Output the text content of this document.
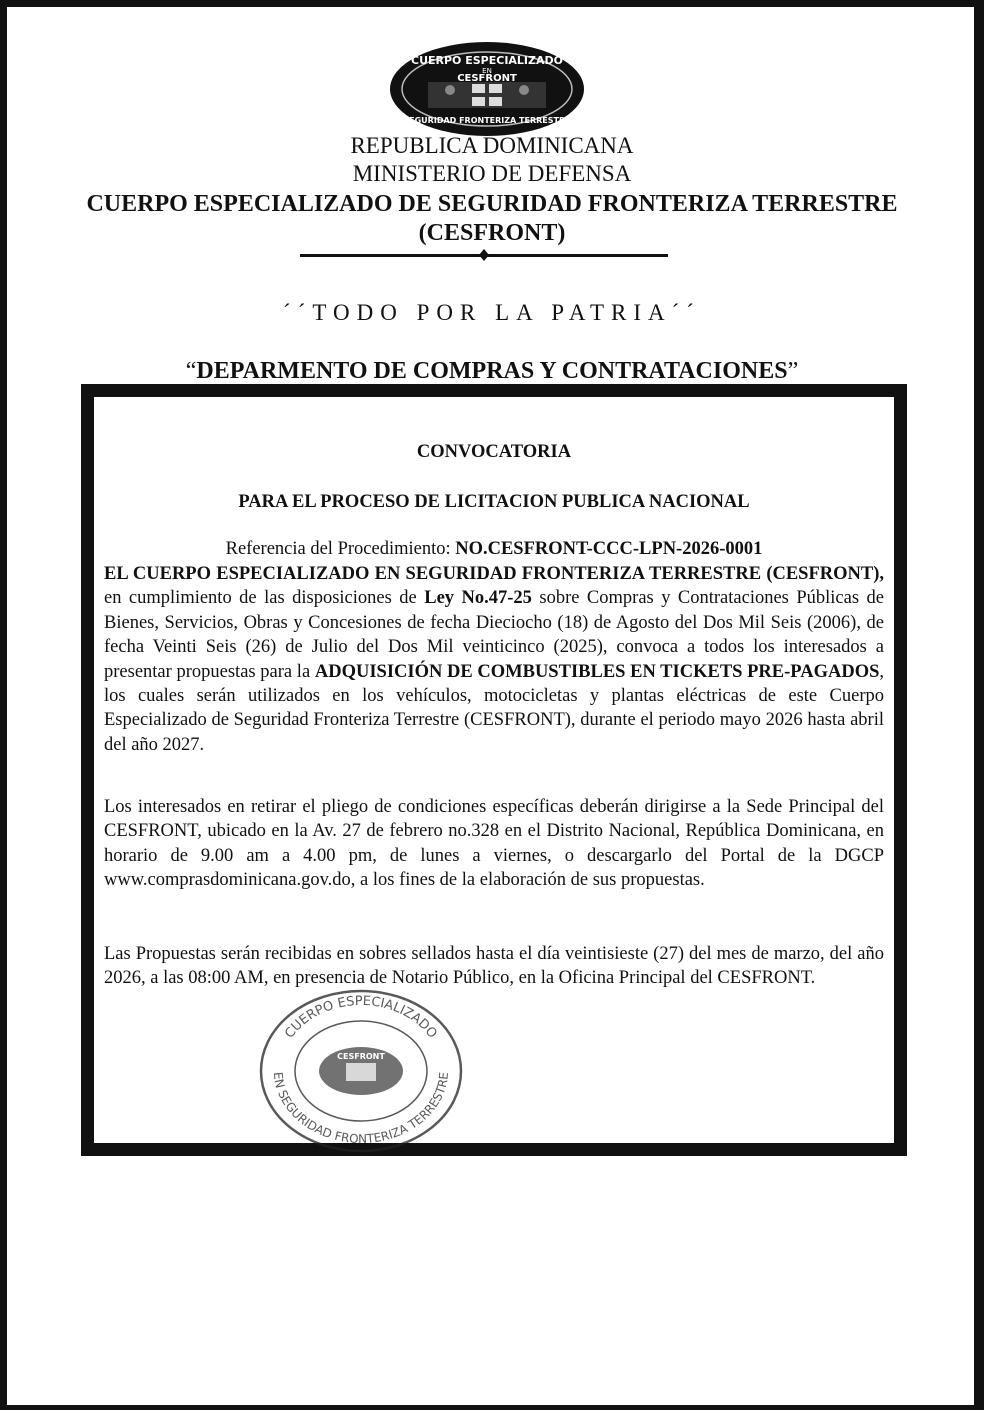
CUERPO ESPECIALIZADO
EN
CESFRONT
SEGURIDAD FRONTERIZA TERRESTRE

REPUBLICA DOMINICANA

MINISTERIO DE DEFENSA

CUERPO ESPECIALIZADO DE SEGURIDAD FRONTERIZA TERRESTRE

(CESFRONT)

´´TODO POR LA PATRIA´´

“DEPARMENTO DE COMPRAS Y CONTRATACIONES”

CONVOCATORIA

PARA EL PROCESO DE LICITACION PUBLICA NACIONAL

Referencia del Procedimiento: NO.CESFRONT-CCC-LPN-2026-0001

EL CUERPO ESPECIALIZADO EN SEGURIDAD FRONTERIZA TERRESTRE (CESFRONT), en cumplimiento de las disposiciones de Ley No.47-25 sobre Compras y Contrataciones Públicas de Bienes, Servicios, Obras y Concesiones de fecha Dieciocho (18) de Agosto del Dos Mil Seis (2006), de fecha Veinti Seis (26) de Julio del Dos Mil veinticinco (2025), convoca a todos los interesados a presentar propuestas para la ADQUISICIÓN DE COMBUSTIBLES EN TICKETS PRE-PAGADOS, los cuales serán utilizados en los vehículos, motocicletas y plantas eléctricas de este Cuerpo Especializado de Seguridad Fronteriza Terrestre (CESFRONT), durante el periodo mayo 2026 hasta abril del año 2027.

Los interesados en retirar el pliego de condiciones específicas deberán dirigirse a la Sede Principal del CESFRONT, ubicado en la Av. 27 de febrero no.328 en el Distrito Nacional, República Dominicana, en horario de 9.00 am a 4.00 pm, de lunes a viernes, o descargarlo del Portal de la DGCP www.comprasdominicana.gov.do, a los fines de la elaboración de sus propuestas.

Las Propuestas serán recibidas en sobres sellados hasta el día veintisieste (27) del mes de marzo, del año 2026, a las 08:00 AM, en presencia de Notario Público, en la Oficina Principal del CESFRONT.

CUERPO ESPECIALIZADO
EN SEGURIDAD FRONTERIZA TERRESTRE
CESFRONT
